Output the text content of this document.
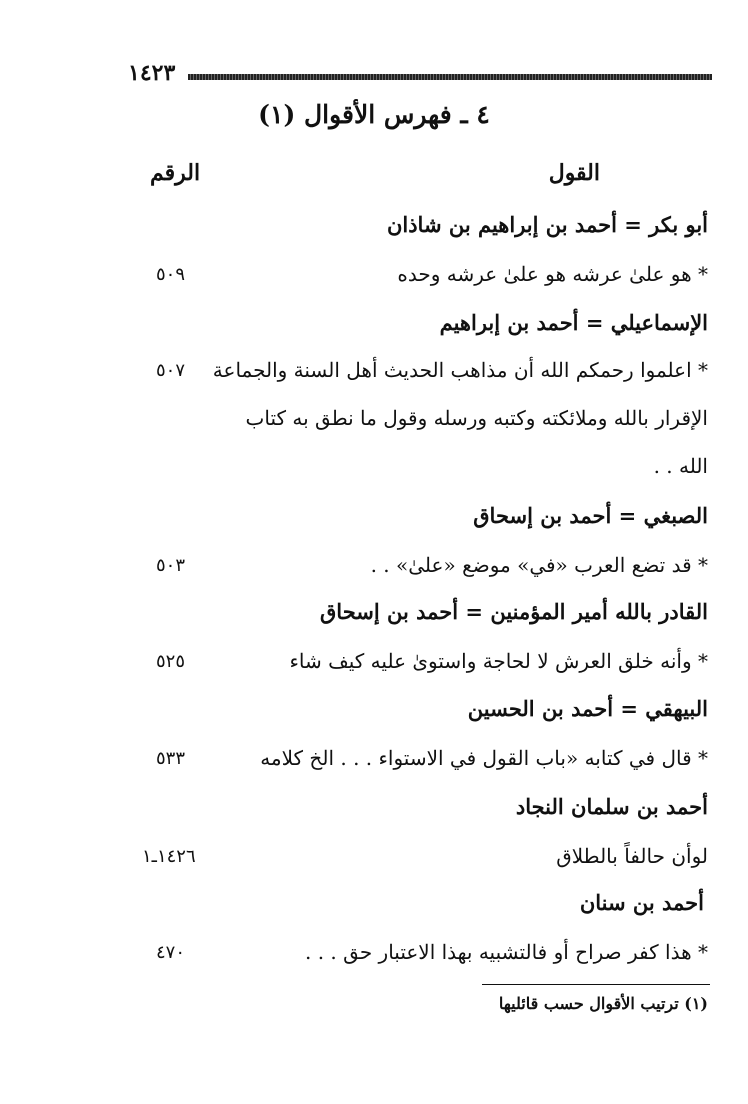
١٤٢٣
٤ ـ فهرس الأقوال (١)
القول
الرقم
أبو بكر = أحمد بن إبراهيم بن شاذان
* هو علىٰ عرشه هو علىٰ عرشه وحده
٥٠٩
الإسماعيلي = أحمد بن إبراهيم
* اعلموا رحمكم الله أن مذاهب الحديث أهل السنة والجماعة
٥٠٧
الإقرار بالله وملائكته وكتبه ورسله وقول ما نطق به كتاب
الله . .
الصبغي = أحمد بن إسحاق
* قد تضع العرب «في» موضع «علىٰ» . .
٥٠٣
القادر بالله أمير المؤمنين = أحمد بن إسحاق
* وأنه خلق العرش لا لحاجة واستوىٰ عليه كيف شاء
٥٢٥
البيهقي = أحمد بن الحسين
* قال في كتابه «باب القول في الاستواء . . . الخ كلامه
٥٣٣
أحمد بن سلمان النجاد
لوأن حالفاً بالطلاق
١٤٢٦ـ١
أحمد بن سنان
* هذا كفر صراح أو فالتشبيه بهذا الاعتبار حق . . .
٤٧٠
(١) ترتيب الأقوال حسب قائليها
